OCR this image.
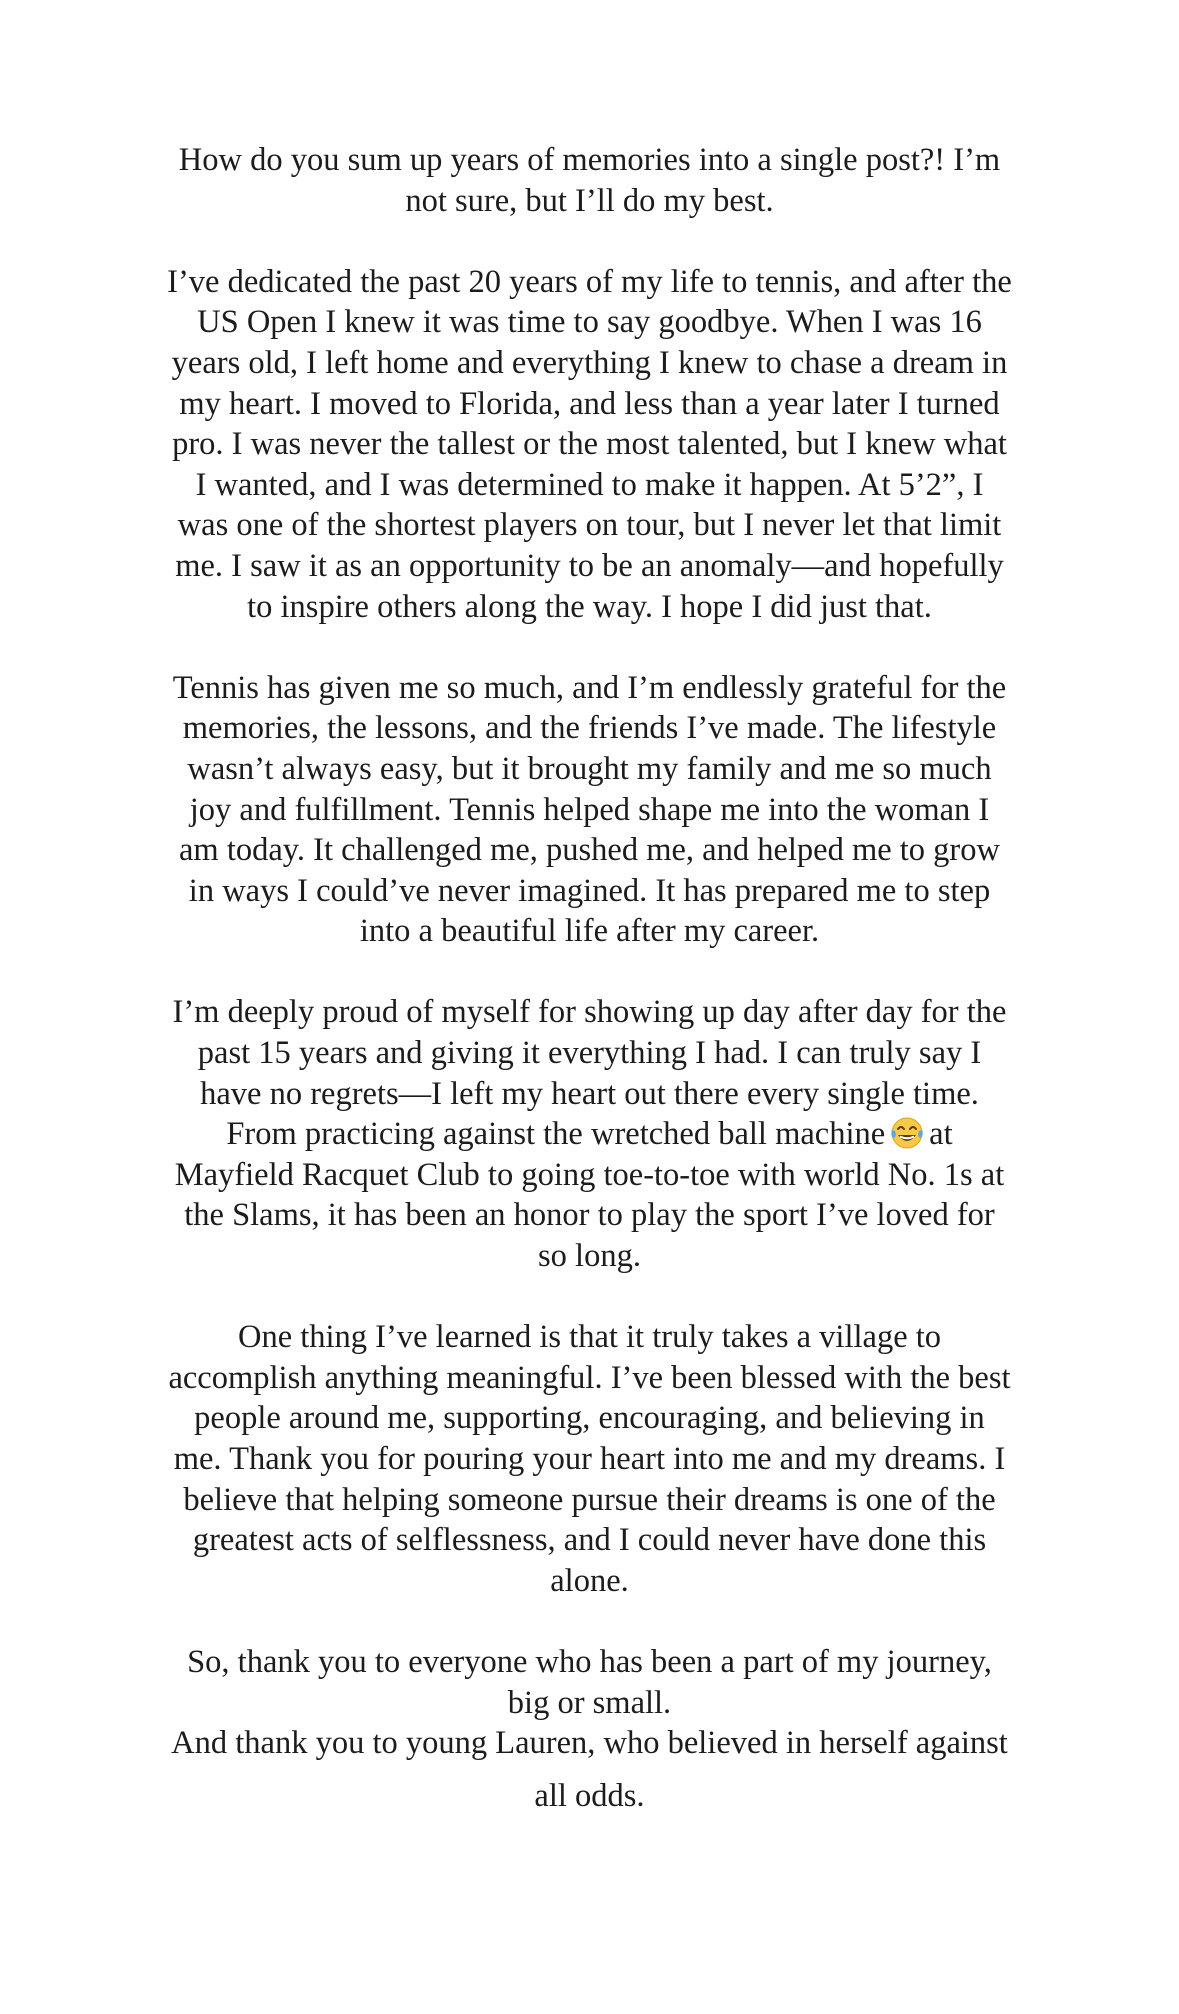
How do you sum up years of memories into a single post?! I’m
not sure, but I’ll do my best.

I’ve dedicated the past 20 years of my life to tennis, and after the
US Open I knew it was time to say goodbye. When I was 16
years old, I left home and everything I knew to chase a dream in
my heart. I moved to Florida, and less than a year later I turned
pro. I was never the tallest or the most talented, but I knew what
I wanted, and I was determined to make it happen. At 5’2”, I
was one of the shortest players on tour, but I never let that limit
me. I saw it as an opportunity to be an anomaly—and hopefully
to inspire others along the way. I hope I did just that.

Tennis has given me so much, and I’m endlessly grateful for the
memories, the lessons, and the friends I’ve made. The lifestyle
wasn’t always easy, but it brought my family and me so much
joy and fulfillment. Tennis helped shape me into the woman I
am today. It challenged me, pushed me, and helped me to grow
in ways I could’ve never imagined. It has prepared me to step
into a beautiful life after my career.

I’m deeply proud of myself for showing up day after day for the
past 15 years and giving it everything I had. I can truly say I
have no regrets—I left my heart out there every single time.
From practicing against the wretched ball machine at

Mayfield Racquet Club to going toe-to-toe with world No. 1s at
the Slams, it has been an honor to play the sport I’ve loved for
so long.

One thing I’ve learned is that it truly takes a village to
accomplish anything meaningful. I’ve been blessed with the best
people around me, supporting, encouraging, and believing in
me. Thank you for pouring your heart into me and my dreams. I
believe that helping someone pursue their dreams is one of the
greatest acts of selflessness, and I could never have done this
alone.

So, thank you to everyone who has been a part of my journey,
big or small.
And thank you to young Lauren, who believed in herself against
all odds.
